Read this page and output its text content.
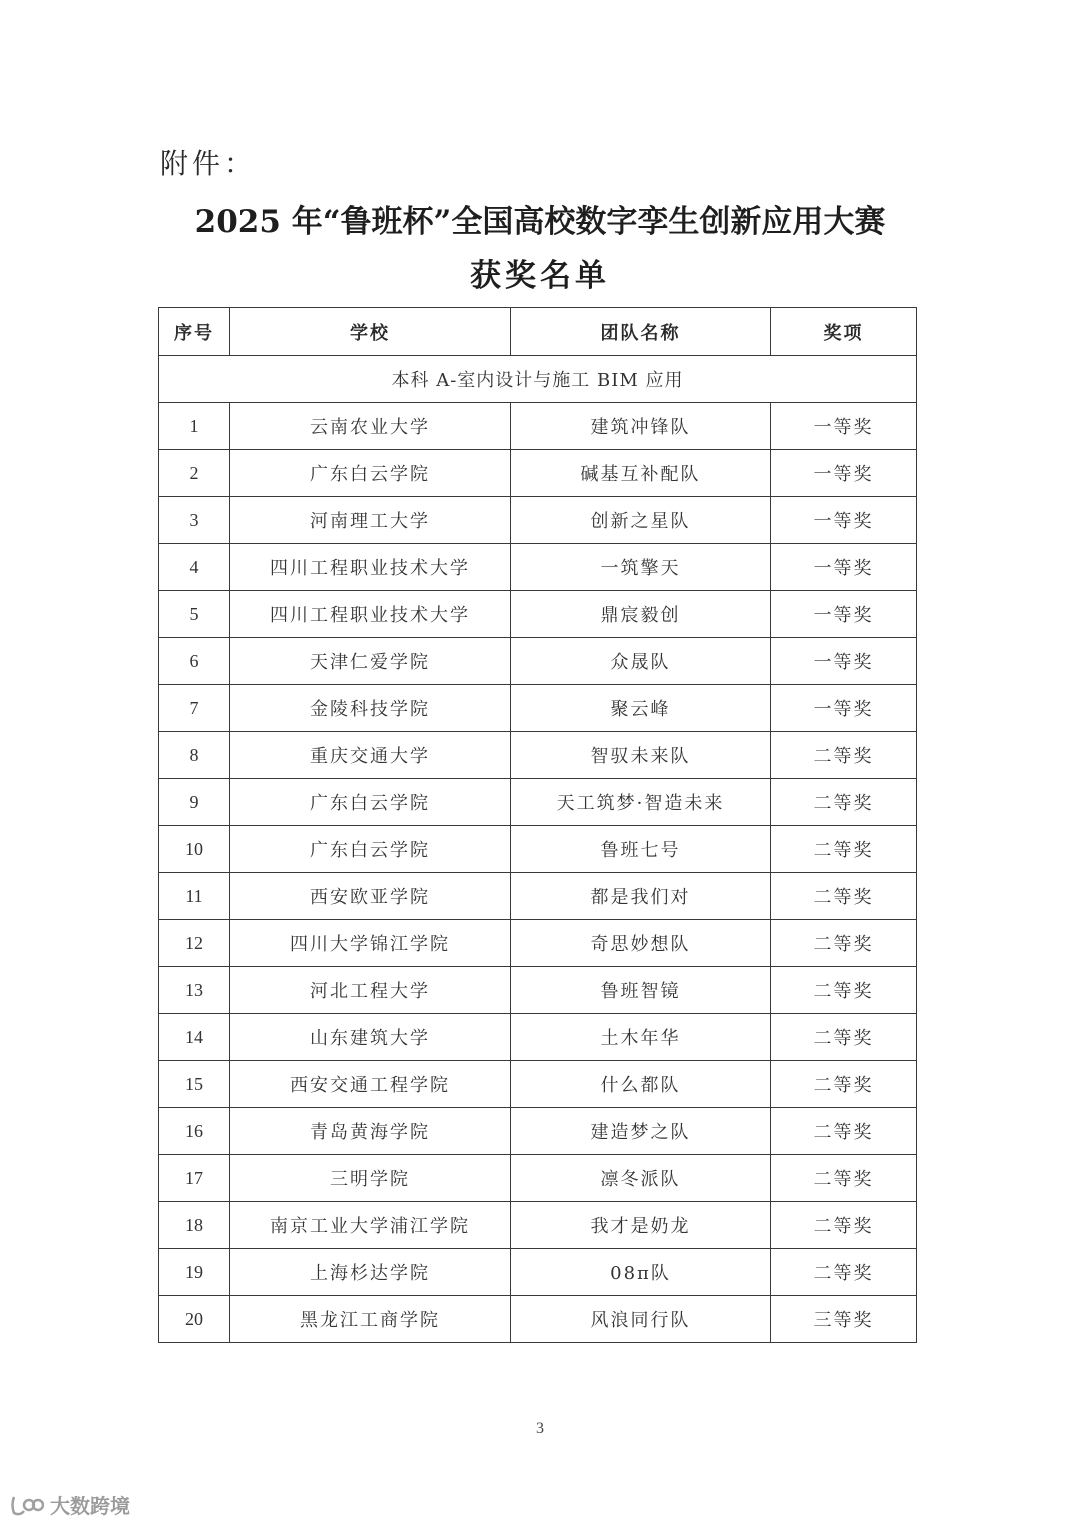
附件：
2025 年“鲁班杯”全国高校数字孪生创新应用大赛
获奖名单
序号	学校	团队名称	奖项
本科 A-室内设计与施工 BIM 应用			
1	云南农业大学	建筑冲锋队	一等奖
2	广东白云学院	碱基互补配队	一等奖
3	河南理工大学	创新之星队	一等奖
4	四川工程职业技术大学	一筑擎天	一等奖
5	四川工程职业技术大学	鼎宸毅创	一等奖
6	天津仁爱学院	众晟队	一等奖
7	金陵科技学院	聚云峰	一等奖
8	重庆交通大学	智驭未来队	二等奖
9	广东白云学院	天工筑梦·智造未来	二等奖
10	广东白云学院	鲁班七号	二等奖
11	西安欧亚学院	都是我们对	二等奖
12	四川大学锦江学院	奇思妙想队	二等奖
13	河北工程大学	鲁班智镜	二等奖
14	山东建筑大学	土木年华	二等奖
15	西安交通工程学院	什么都队	二等奖
16	青岛黄海学院	建造梦之队	二等奖
17	三明学院	凛冬派队	二等奖
18	南京工业大学浦江学院	我才是奶龙	二等奖
19	上海杉达学院	08π队	二等奖
20	黑龙江工商学院	风浪同行队	三等奖
3
大数跨境
